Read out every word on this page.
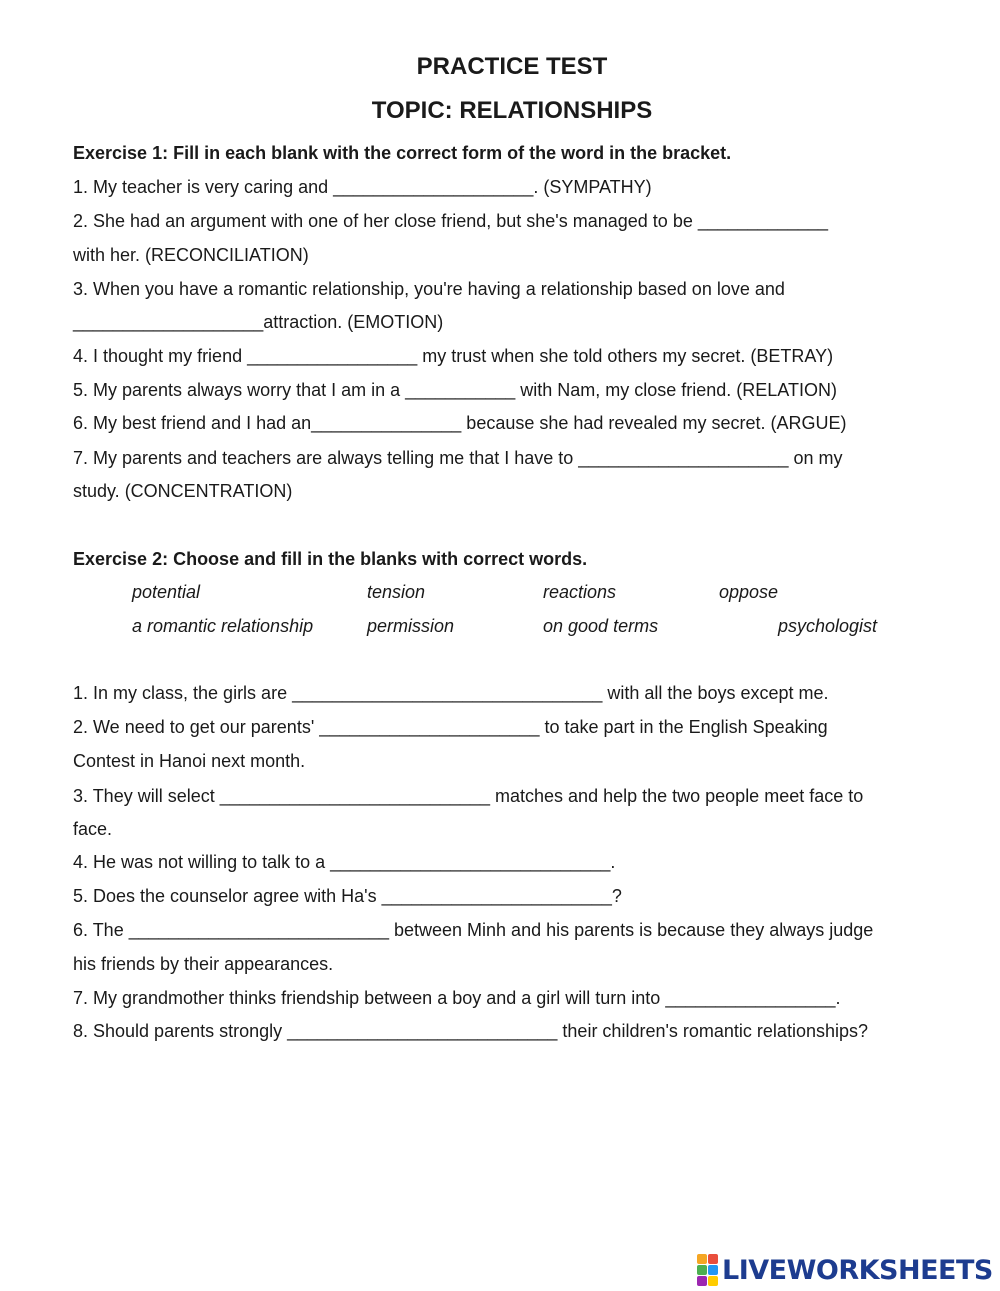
PRACTICE TEST
TOPIC: RELATIONSHIPS

Exercise 1: Fill in each blank with the correct form of the word in the bracket.

1. My teacher is very caring and ____________________. (SYMPATHY)

2. She had an argument with one of her close friend, but she's managed to be _____________

with her. (RECONCILIATION)

3. When you have a romantic relationship, you're having a relationship based on love and

___________________attraction. (EMOTION)

4. I thought my friend _________________ my trust when she told others my secret. (BETRAY)

5. My parents always worry that I am in a ___________ with Nam, my close friend. (RELATION)

6. My best friend and I had an_______________ because she had revealed my secret. (ARGUE)

7. My parents and teachers are always telling me that I have to _____________________ on my

study. (CONCENTRATION)

Exercise 2: Choose and fill in the blanks with correct words.

potential	tension	reactions	oppose
a romantic relationship	permission	on good terms	psychologist

1. In my class, the girls are _______________________________ with all the boys except me.

2. We need to get our parents' ______________________ to take part in the English Speaking

Contest in Hanoi next month.

3. They will select ___________________________ matches and help the two people meet face to

face.

4. He was not willing to talk to a ____________________________.

5. Does the counselor agree with Ha's _______________________?

6. The __________________________ between Minh and his parents is because they always judge

his friends by their appearances.

7. My grandmother thinks friendship between a boy and a girl will turn into _________________.

8. Should parents strongly ___________________________ their children's romantic relationships?

LIVEWORKSHEETS
